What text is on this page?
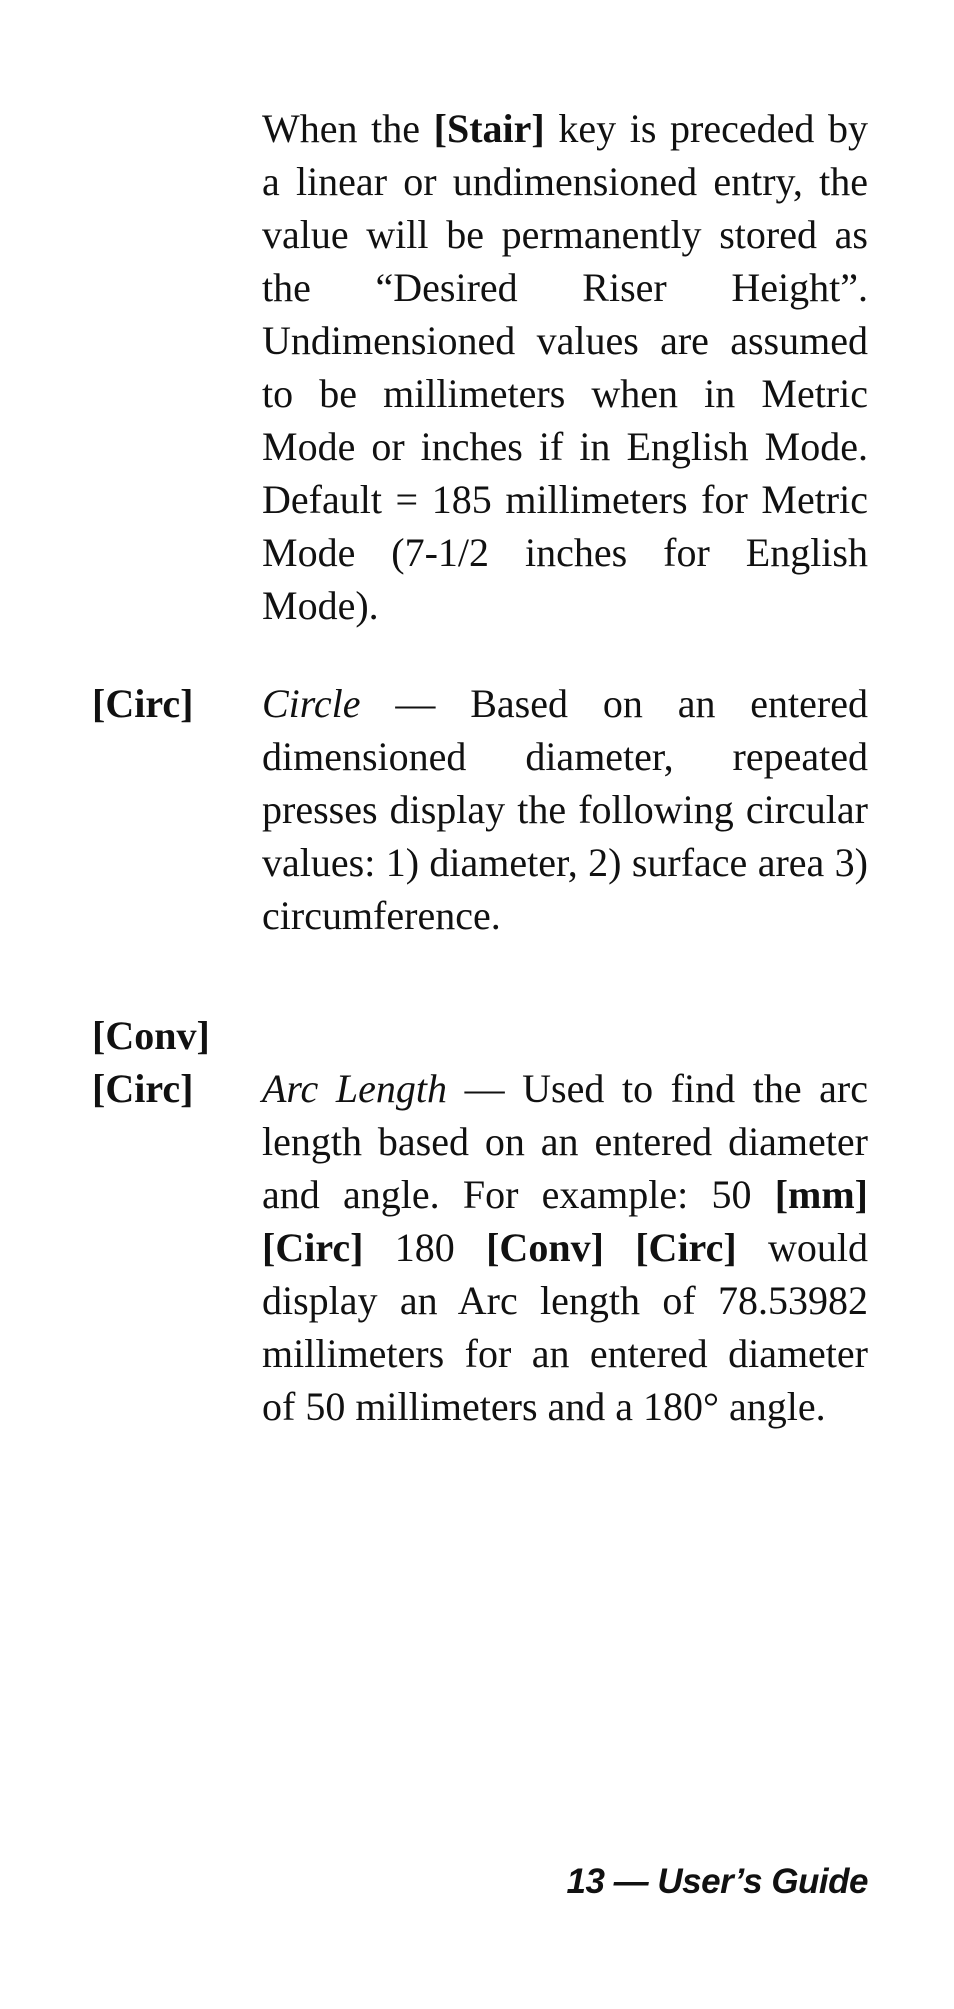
When the [Stair] key is preceded by a linear or undimensioned entry, the value will be permanently stored as the “Desired Riser Height”. Undimensioned values are assumed to be millimeters when in Metric Mode or inches if in English Mode. Default = 185 millimeters for Metric Mode (7-1/2 inches for English Mode).

[Circ] Circle — Based on an entered dimensioned diameter, repeated presses display the following circular values: 1) diameter, 2) surface area 3) circumference.

[Conv]
[Circ] Arc Length — Used to find the arc length based on an entered diameter and angle. For example: 50 [mm] [Circ] 180 [Conv] [Circ] would display an Arc length of 78.53982 millimeters for an entered diameter of 50 millimeters and a 180° angle.

13 — User’s Guide
